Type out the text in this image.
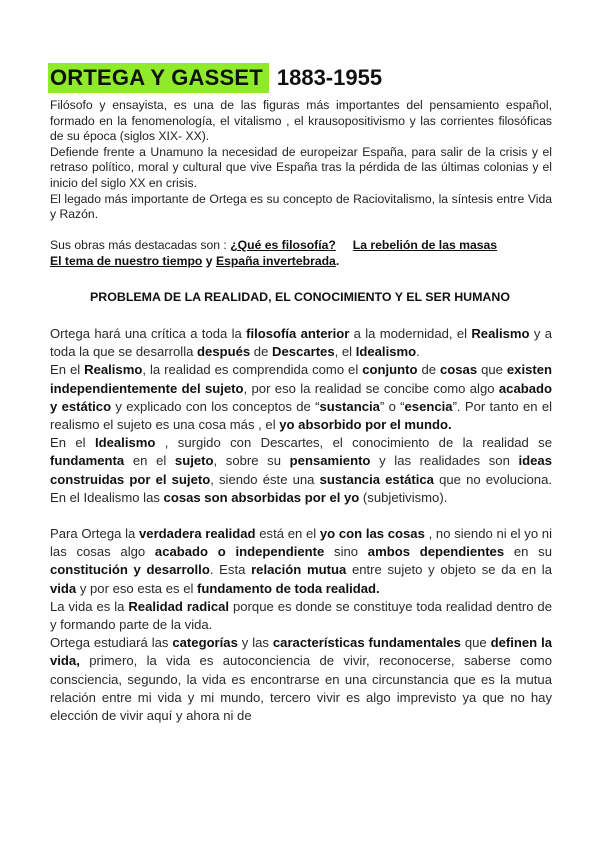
ORTEGA Y GASSET 1883-1955

Filósofo y ensayista, es una de las figuras más importantes del pensamiento español, formado en la fenomenología, el vitalismo , el krausopositivismo y las corrientes filosóficas de su época (siglos XIX- XX).

Defiende frente a Unamuno la necesidad de europeizar España, para salir de la crisis y el retraso político, moral y cultural que vive España tras la pérdida de las últimas colonias y el inicio del siglo XX en crisis.

El legado más importante de Ortega es su concepto de Raciovitalismo, la síntesis entre Vida y Razón.

Sus obras más destacadas son : ¿Qué es filosofía? La rebelión de las masas
El tema de nuestro tiempo y España invertebrada.
PROBLEMA DE LA REALIDAD, EL CONOCIMIENTO Y EL SER HUMANO

Ortega hará una crítica a toda la filosofía anterior a la modernidad, el Realismo y a toda la que se desarrolla después de Descartes, el Idealismo.

En el Realismo, la realidad es comprendida como el conjunto de cosas que existen independientemente del sujeto, por eso la realidad se concibe como algo acabado y estático y explicado con los conceptos de “sustancia” o “esencia”. Por tanto en el realismo el sujeto es una cosa más , el yo absorbido por el mundo.

En el Idealismo , surgido con Descartes, el conocimiento de la realidad se fundamenta en el sujeto, sobre su pensamiento y las realidades son ideas construidas por el sujeto, siendo éste una sustancia estática que no evoluciona. En el Idealismo las cosas son absorbidas por el yo (subjetivismo).

Para Ortega la verdadera realidad está en el yo con las cosas , no siendo ni el yo ni las cosas algo acabado o independiente sino ambos dependientes en su constitución y desarrollo. Esta relación mutua entre sujeto y objeto se da en la vida y por eso esta es el fundamento de toda realidad.

La vida es la Realidad radical porque es donde se constituye toda realidad dentro de y formando parte de la vida.

Ortega estudiará las categorías y las características fundamentales que definen la vida, primero, la vida es autoconciencia de vivir, reconocerse, saberse como consciencia, segundo, la vida es encontrarse en una circunstancia que es la mutua relación entre mi vida y mi mundo, tercero vivir es algo imprevisto ya que no hay elección de vivir aquí y ahora ni de
